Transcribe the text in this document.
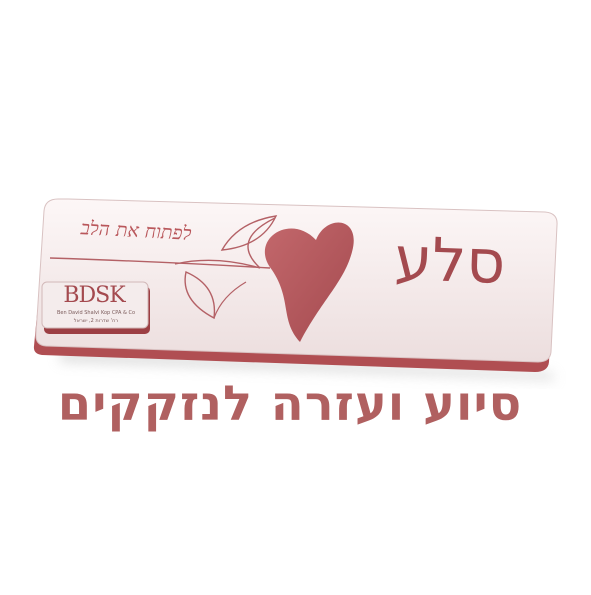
לפתוח את הלב	סלע
BDSK
Ben David Shalvi Kop CPA & Co
רח' שדרות 2, ישראל
סיוע ועזרה לנזקקים
